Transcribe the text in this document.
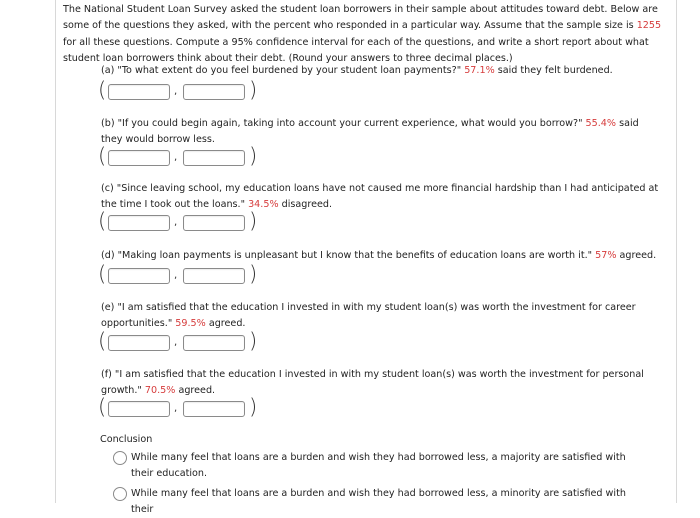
The National Student Loan Survey asked the student loan borrowers in their sample about attitudes toward debt. Below are some of the questions they asked, with the percent who responded in a particular way. Assume that the sample size is 1255 for all these questions. Compute a 95% confidence interval for each of the questions, and write a short report about what student loan borrowers think about their debt. (Round your answers to three decimal places.)
(a) "To what extent do you feel burdened by your student loan payments?" 57.1% said they felt burdened.
(	,	)
(b) "If you could begin again, taking into account your current experience, what would you borrow?" 55.4% said they would borrow less.
(	,	)
(c) "Since leaving school, my education loans have not caused me more financial hardship than I had anticipated at the time I took out the loans." 34.5% disagreed.
(	,	)
(d) "Making loan payments is unpleasant but I know that the benefits of education loans are worth it." 57% agreed.
(	,	)
(e) "I am satisfied that the education I invested in with my student loan(s) was worth the investment for career opportunities." 59.5% agreed.
(	,	)
(f) "I am satisfied that the education I invested in with my student loan(s) was worth the investment for personal growth." 70.5% agreed.
(	,	)
Conclusion
While many feel that loans are a burden and wish they had borrowed less, a majority are satisfied with their education.
While many feel that loans are a burden and wish they had borrowed less, a minority are satisfied with their
